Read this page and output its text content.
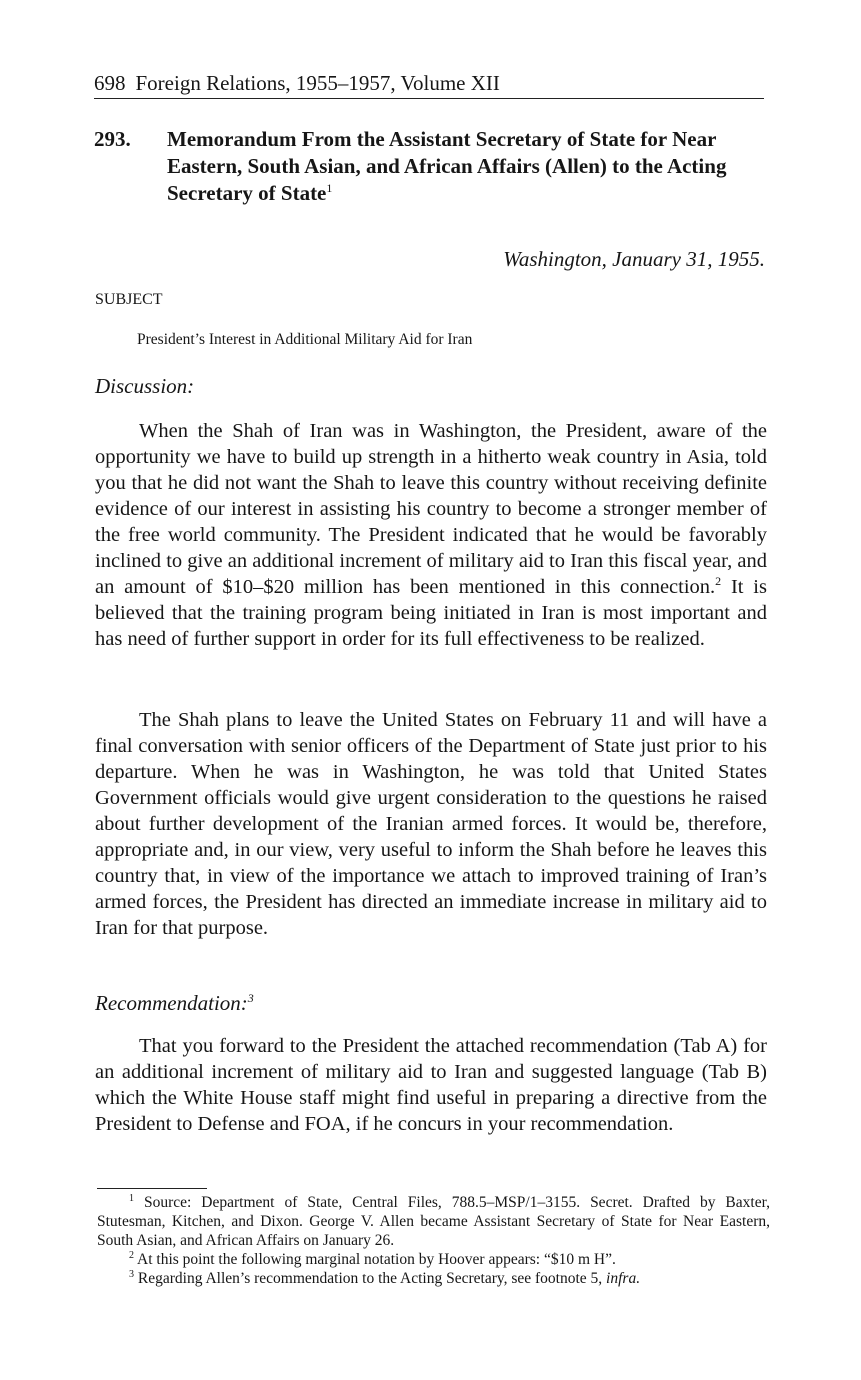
698 Foreign Relations, 1955–1957, Volume XII
293. Memorandum From the Assistant Secretary of State for Near Eastern, South Asian, and African Affairs (Allen) to the Acting Secretary of State$^1$
Washington, January 31, 1955.
SUBJECT
President’s Interest in Additional Military Aid for Iran
Discussion:

When the Shah of Iran was in Washington, the President, aware of the opportunity we have to build up strength in a hitherto weak country in Asia, told you that he did not want the Shah to leave this country without receiving definite evidence of our interest in assisting his country to become a stronger member of the free world community. The President indicated that he would be favorably inclined to give an additional increment of military aid to Iran this fiscal year, and an amount of $10–$20 million has been mentioned in this connection.$^2$ It is believed that the training program being initiated in Iran is most important and has need of further support in order for its full effectiveness to be realized.

The Shah plans to leave the United States on February 11 and will have a final conversation with senior officers of the Department of State just prior to his departure. When he was in Washington, he was told that United States Government officials would give urgent consideration to the questions he raised about further development of the Iranian armed forces. It would be, therefore, appropriate and, in our view, very useful to inform the Shah before he leaves this country that, in view of the importance we attach to improved training of Iran’s armed forces, the President has directed an immediate increase in military aid to Iran for that purpose.

Recommendation:$^3$

That you forward to the President the attached recommendation (Tab A) for an additional increment of military aid to Iran and suggested language (Tab B) which the White House staff might find useful in preparing a directive from the President to Defense and FOA, if he concurs in your recommendation.

$^1$ Source: Department of State, Central Files, 788.5–MSP/1–3155. Secret. Drafted by Baxter, Stutesman, Kitchen, and Dixon. George V. Allen became Assistant Secretary of State for Near Eastern, South Asian, and African Affairs on January 26.

$^2$ At this point the following marginal notation by Hoover appears: “$10 m H”.

$^3$ Regarding Allen’s recommendation to the Acting Secretary, see footnote 5, infra.
